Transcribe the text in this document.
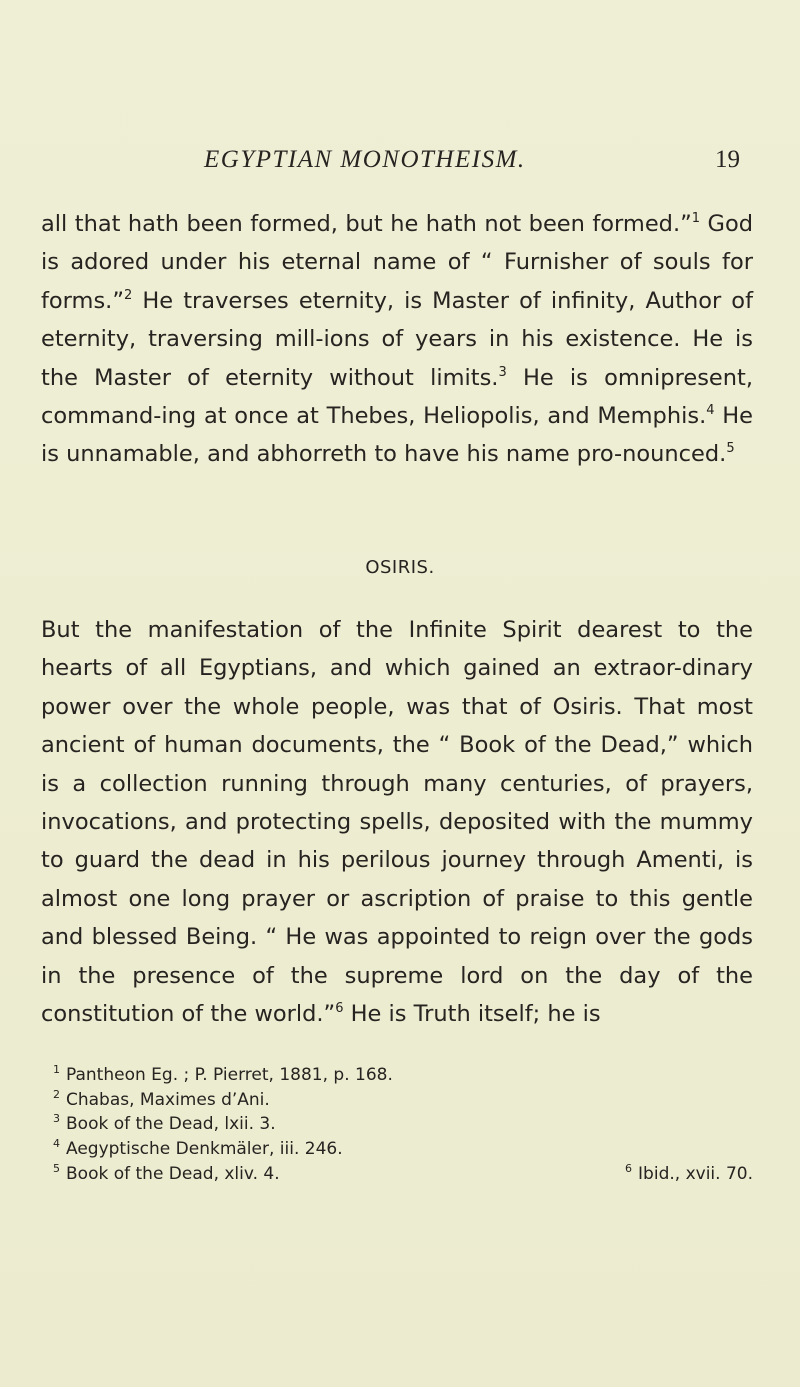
EGYPTIAN MONOTHEISM.	19
all that hath been formed, but he hath not been formed.”$^1$ God is adored under his eternal name of “ Furnisher of souls for forms.”$^2$ He traverses eternity, is Master of infinity, Author of eternity, traversing mill-ions of years in his existence. He is the Master of eternity without limits.$^3$ He is omnipresent, command-ing at once at Thebes, Heliopolis, and Memphis.$^4$ He is unnamable, and abhorreth to have his name pro-nounced.$^5$
OSIRIS.
But the manifestation of the Infinite Spirit dearest to the hearts of all Egyptians, and which gained an extraor-dinary power over the whole people, was that of Osiris. That most ancient of human documents, the “ Book of the Dead,” which is a collection running through many centuries, of prayers, invocations, and protecting spells, deposited with the mummy to guard the dead in his perilous journey through Amenti, is almost one long prayer or ascription of praise to this gentle and blessed Being. “ He was appointed to reign over the gods in the presence of the supreme lord on the day of the constitution of the world.”$^6$ He is Truth itself; he is
$^1$ Pantheon Eg. ; P. Pierret, 1881, p. 168.
$^2$ Chabas, Maximes d’Ani.
$^3$ Book of the Dead, lxii. 3.
$^4$ Aegyptische Denkmäler, iii. 246.
$^5$ Book of the Dead, xliv. 4.	$^6$ Ibid., xvii. 70.
